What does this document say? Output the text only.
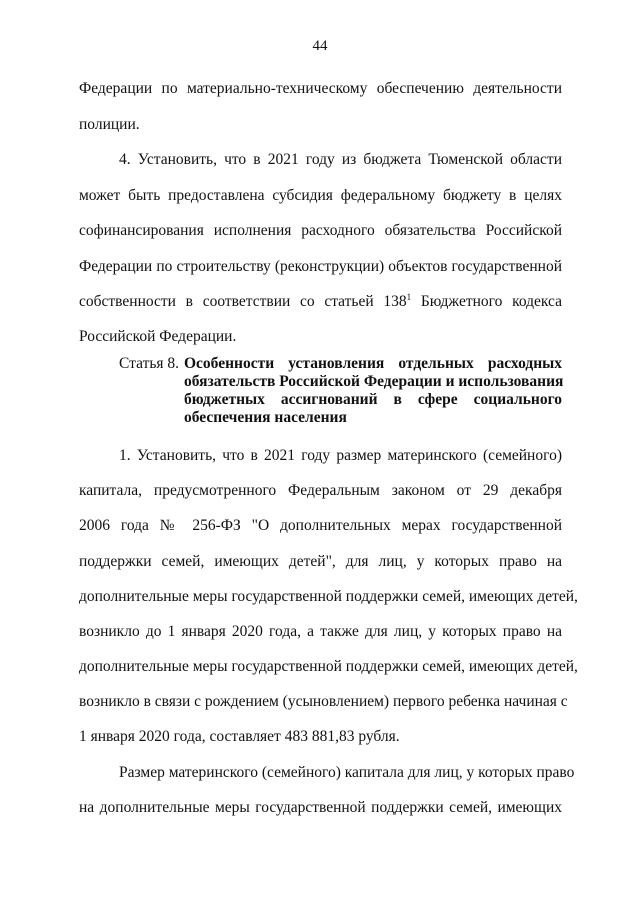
44
Федерации по материально-техническому обеспечению деятельности
полиции.
4. Установить, что в 2021 году из бюджета Тюменской области
может быть предоставлена субсидия федеральному бюджету в целях
софинансирования исполнения расходного обязательства Российской
Федерации по строительству (реконструкции) объектов государственной
собственности в соответствии со статьей $138^1$ Бюджетного кодекса
Российской Федерации.
Статья 8. Особенности установления отдельных расходных
обязательств Российской Федерации и использования
бюджетных ассигнований в сфере социального
обеспечения населения
1. Установить, что в 2021 году размер материнского (семейного)
капитала, предусмотренного Федеральным законом от 29 декабря
2006 года № 256-ФЗ "О дополнительных мерах государственной
поддержки семей, имеющих детей", для лиц, у которых право на
дополнительные меры государственной поддержки семей, имеющих детей,
возникло до 1 января 2020 года, а также для лиц, у которых право на
дополнительные меры государственной поддержки семей, имеющих детей,
возникло в связи с рождением (усыновлением) первого ребенка начиная с
1 января 2020 года, составляет 483 881,83 рубля.
Размер материнского (семейного) капитала для лиц, у которых право
на дополнительные меры государственной поддержки семей, имеющих
